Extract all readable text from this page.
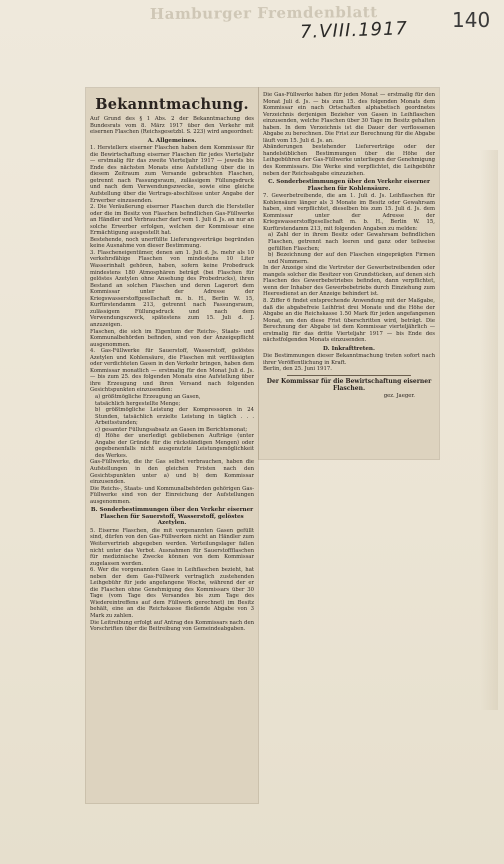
Hamburger Fremdenblatt
7.VIII.1917 140

Bekanntmachung.

Auf Grund des § 1 Abs. 2 der Bekanntmachung des Bundesrats vom 8. März 1917 über den Verkehr mit eisernen Flaschen (Reichsgesetzbl. S. 223) wird angeordnet:

A. Allgemeines.

1. Herstellerx eiserner Flaschen haben dem Kommissar für die Bewirtschaftung eiserner Flaschen für jedes Vierteljahr — erstmalig für das zweite Vierteljahr 1917 — jeweils bis Ende des nächsten Monats eine Aufstellung über die in diesem Zeitraum zum Versande gebrachten Flaschen, getrennt nach Fassungsraum, zulässigem Füllungsdruck und nach dem Verwendungszwecke, sowie eine gleiche Aufstellung über die Vertrags-abschlüsse unter Angabe der Erwerber einzusenden.

2. Die Veräußerung eiserner Flaschen durch die Hersteller oder die im Besitz von Flaschen befindlichen Gas-Füllwerke an Händler und Verbraucher darf vom 1. Juli d. Js. an nur an solche Erwerber erfolgen, welchen der Kommissar eine Ermächtigung ausgestellt hat.

Bestehende, noch unerfüllte Lieferungsverträge begründen keine Ausnahme von dieser Bestimmung.

3. Flascheneigentümer, denen am 1. Juli d. Js. mehr als 10 verkehrsfähige Flaschen von mindestens 10 Liter Wasserinhalt gehören, haben, sofern keine Probedruck mindestens 180 Atmosphären beträgt (bei Flaschen für gelöstes Azetylen ohne Ansehung des Probedrucks), ihren Bestand an solchen Flaschen und deren Lagerort dem Kommissar unter der Adresse der Kriegswasserstoffgesellschaft m. b. H., Berlin W. 15, Kurfürstendamm 213, getrennt nach Fassungsraum, zulässigem Füllungsdruck und nach dem Verwendungszweck, spätestens zum 15. Juli d. J. anzuzeigen.

Flaschen, die sich im Eigentum der Reichs-, Staats- und Kommunalbehörden befinden, sind von der Anzeigepflicht ausgenommen.

4. Gas-Füllwerke für Sauerstoff, Wasserstoff, gelöstes Azetylen und Kohlensäure, die Flaschen mit verflüssigten oder verdichteten Gasen in den Verkehr bringen, haben dem Kommissar monatlich — erstmalig für den Monat Juli d. Js. — bis zum 25. des folgenden Monats eine Aufstellung über ihre Erzeugung und ihren Versand nach folgenden Gesichtspunkten einzusenden:

a) größtmögliche Erzeugung an Gasen,

tatsächlich hergestellte Menge;

b) größtmögliche Leistung der Kompressoren in 24 Stunden, tatsächlich erzielte Leistung in täglich . . . Arbeitsstunden;

c) gesamter Füllungsabsatz an Gasen im Berichtsmonat;

d) Höhe der unerledigt gebliebenen Aufträge (unter Angabe der Gründe für die rückständigen Mengen) oder gegebenenfalls nicht ausgenutzte Leistungsmöglichkeit des Werkes.

Gas-Füllwerke, die ihr Gas selbst verbrauchen, haben die Aufstellungen in den gleichen Fristen nach den Gesichtspunkten unter a) und b) dem Kommissar einzusenden.

Die Reichs-, Staats- und Kommunalbehörden gehörigen Gas-Füllwerke sind von der Einreichung der Aufstellungen ausgenommen.

B. Sonderbestimmungen über den Verkehr eiserner Flaschen für Sauerstoff, Wasserstoff, gelöstes Azetylen.

5. Eiserne Flaschen, die mit vorgenannten Gasen gefüllt sind, dürfen von den Gas-Füllwerken nicht an Händler zum Weitervertrieb abgegeben werden. Verteilungslager fallen nicht unter das Verbot. Ausnahmen für Sauerstoffflaschen für medizinische Zwecke können von dem Kommissar zugelassen werden.

6. Wer die vorgenannten Gase in Leihflaschen bezieht, hat neben der dem Gas-Füllwerk vertraglich zustehenden Leihgebühr für jede angefangene Woche, während der er die Flaschen ohne Genehmigung des Kommissars über 30 Tage (vom Tage des Versandes bis zum Tage des Wiedereintreffens auf dem Füllwerk gerechnet) im Besitz behält, eine an die Reichskasse fließende Abgabe von 3 Mark zu zahlen.

Die Leitreibung erfolgt auf Antrag des Kommissars nach den Vorschriften über die Beitreibung von Gemeindeabgaben.

Die Gas-Füllwerke haben für jeden Monat — erstmalig für den Monat Juli d. Js. — bis zum 15. des folgenden Monats dem Kommissar ein nach Ortschaften alphabetisch geordnetes Verzeichnis derjenigen Bezieher von Gasen in Leihflaschen einzusenden, welche Flaschen über 30 Tage im Besitz gehalten haben. In dem Verzeichnis ist die Dauer der verflossenen Abgabe zu berechnen. Die Frist zur Berechnung für die Abgabe läuft vom 15. Juli d. Js. an.

Abänderungen bestehender Lieferverträge oder der handelsüblichen Bestimmungen über die Höhe der Leihgebühren der Gas-Füllwerke unterliegen der Genehmigung des Kommissars. Die Werke sind verpflichtet, die Leihgebühr neben der Reichsabgabe einzuziehen.

C. Sonderbestimmungen über den Verkehr eiserner Flaschen für Kohlensäure.

7. Gewerbetreibende, die am 1. Juli d. Js. Leihflaschen für Kohlensäure länger als 3 Monate im Besitz oder Gewahrsam haben, sind verpflichtet, dieselben bis zum 15. Juli d. Js. dem Kommissar unter der Adresse der Kriegswasserstoffgesellschaft m. b. H., Berlin W. 15, Kurfürstendamm 213, mit folgenden Angaben zu melden:

a) Zahl der in ihrem Besitz oder Gewahrsam befindlichen Flaschen, getrennt nach leeren und ganz oder teilweise gefüllten Flaschen;

b) Bezeichnung der auf den Flaschen eingeprägten Firmen und Nummern.

In der Anzeige sind die Vertreter der Gewerbetreibenden oder mangels solcher die Besitzer von Grundstücken, auf denen sich Flaschen des Gewerbebetriebes befinden, dann verpflichtet, wenn der Inhaber des Gewerbebetriebs durch Einziehung zum Heeresdienst an der Anzeige behindert ist.

8. Ziffer 6 findet entsprechende Anwendung mit der Maßgabe, daß die abgabefreie Leihfrist drei Monate und die Höhe der Abgabe an die Reichskasse 1.50 Mark für jeden angefangenen Monat, um den diese Frist überschritten wird, beträgt. Die Berechnung der Abgabe ist dem Kommissar vierteljährlich — erstmalig für das dritte Vierteljahr 1917 — bis Ende des nächstfolgenden Monats einzusenden.

D. Inkrafttreten.

Die Bestimmungen dieser Bekanntmachung treten sofort nach ihrer Veröffentlichung in Kraft.

Berlin, den 25. Juni 1917.

Der Kommissar für die Bewirtschaftung eiserner Flaschen.

gez. Jaeger.
